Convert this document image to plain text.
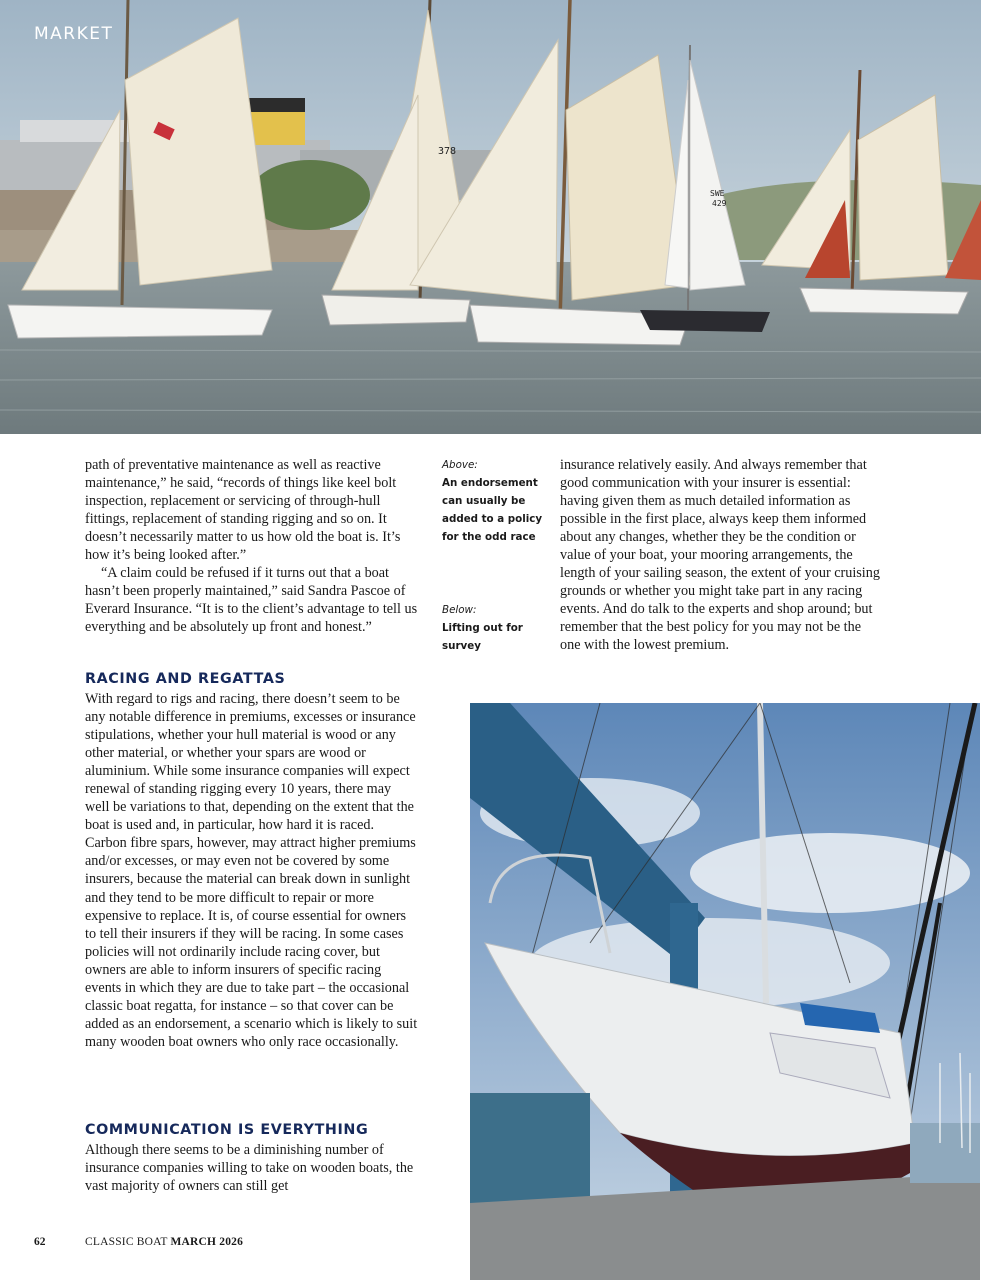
378
SWE
429
MARKET

path of preventative maintenance as well as reactive maintenance,” he said, “records of things like keel bolt inspection, replacement or servicing of through-hull fittings, replacement of standing rigging and so on. It doesn’t necessarily matter to us how old the boat is. It’s how it’s being looked after.”

“A claim could be refused if it turns out that a boat hasn’t been properly maintained,” said Sandra Pascoe of Everard Insurance. “It is to the client’s advantage to tell us everything and be absolutely up front and honest.”

RACING AND REGATTAS

With regard to rigs and racing, there doesn’t seem to be any notable difference in premiums, excesses or insurance stipulations, whether your hull material is wood or any other material, or whether your spars are wood or aluminium. While some insurance companies will expect renewal of standing rigging every 10 years, there may well be variations to that, depending on the extent that the boat is used and, in particular, how hard it is raced. Carbon fibre spars, however, may attract higher premiums and/or excesses, or may even not be covered by some insurers, because the material can break down in sunlight and they tend to be more difficult to repair or more expensive to replace. It is, of course essential for owners to tell their insurers if they will be racing. In some cases policies will not ordinarily include racing cover, but owners are able to inform insurers of specific racing events in which they are due to take part – the occasional classic boat regatta, for instance – so that cover can be added as an endorsement, a scenario which is likely to suit many wooden boat owners who only race occasionally.

COMMUNICATION IS EVERYTHING

Although there seems to be a diminishing number of insurance companies willing to take on wooden boats, the vast majority of owners can still get

Above:
An endorsement can usually be added to a policy for the odd race
Below:
Lifting out for survey

insurance relatively easily. And always remember that good communication with your insurer is essential: having given them as much detailed information as possible in the first place, always keep them informed about any changes, whether they be the condition or value of your boat, your mooring arrangements, the length of your sailing season, the extent of your cruising grounds or whether you might take part in any racing events. And do talk to the experts and shop around; but remember that the best policy for you may not be the one with the lowest premium.

62	CLASSIC BOAT MARCH 2026
